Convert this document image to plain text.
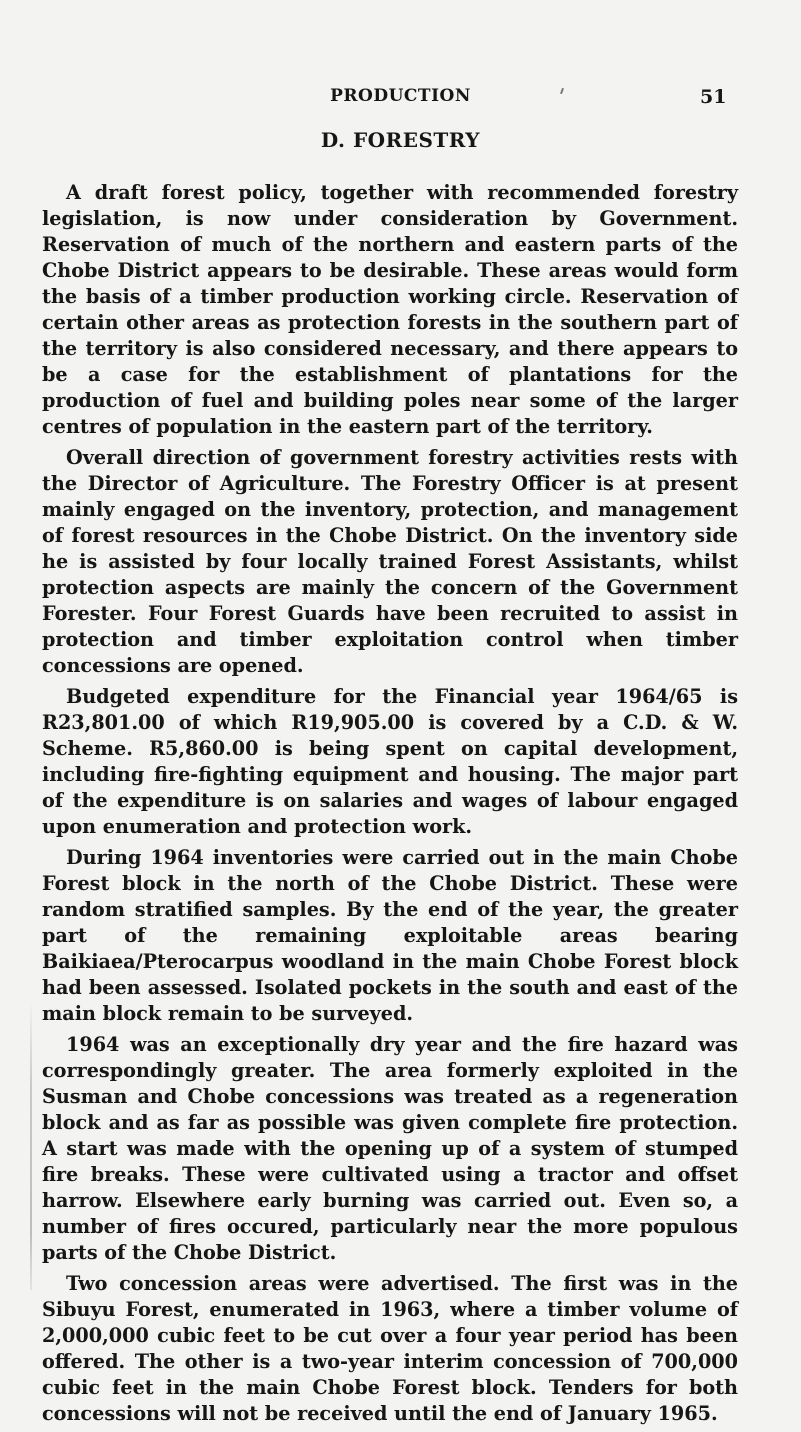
PRODUCTION	51
D. FORESTRY

A draft forest policy, together with recommended forestry legislation, is now under consideration by Government. Reservation of much of the northern and eastern parts of the Chobe District appears to be desirable. These areas would form the basis of a timber production working circle. Reservation of certain other areas as protection forests in the southern part of the territory is also considered necessary, and there appears to be a case for the establishment of plantations for the production of fuel and building poles near some of the larger centres of population in the eastern part of the territory.

Overall direction of government forestry activities rests with the Director of Agriculture. The Forestry Officer is at present mainly engaged on the inventory, protection, and management of forest resources in the Chobe District. On the inventory side he is assisted by four locally trained Forest Assistants, whilst protection aspects are mainly the concern of the Government Forester. Four Forest Guards have been recruited to assist in protection and timber exploitation control when timber concessions are opened.

Budgeted expenditure for the Financial year 1964/65 is R23,801.00 of which R19,905.00 is covered by a C.D. & W. Scheme. R5,860.00 is being spent on capital development, including fire-fighting equipment and housing. The major part of the expenditure is on salaries and wages of labour engaged upon enumeration and protection work.

During 1964 inventories were carried out in the main Chobe Forest block in the north of the Chobe District. These were random stratified samples. By the end of the year, the greater part of the remaining exploitable areas bearing Baikiaea/Pterocarpus woodland in the main Chobe Forest block had been assessed. Isolated pockets in the south and east of the main block remain to be surveyed.

1964 was an exceptionally dry year and the fire hazard was correspondingly greater. The area formerly exploited in the Susman and Chobe concessions was treated as a regeneration block and as far as possible was given complete fire protection. A start was made with the opening up of a system of stumped fire breaks. These were cultivated using a tractor and offset harrow. Elsewhere early burning was carried out. Even so, a number of fires occured, particularly near the more populous parts of the Chobe District.

Two concession areas were advertised. The first was in the Sibuyu Forest, enumerated in 1963, where a timber volume of 2,000,000 cubic feet to be cut over a four year period has been offered. The other is a two-year interim concession of 700,000 cubic feet in the main Chobe Forest block. Tenders for both concessions will not be received until the end of January 1965.
